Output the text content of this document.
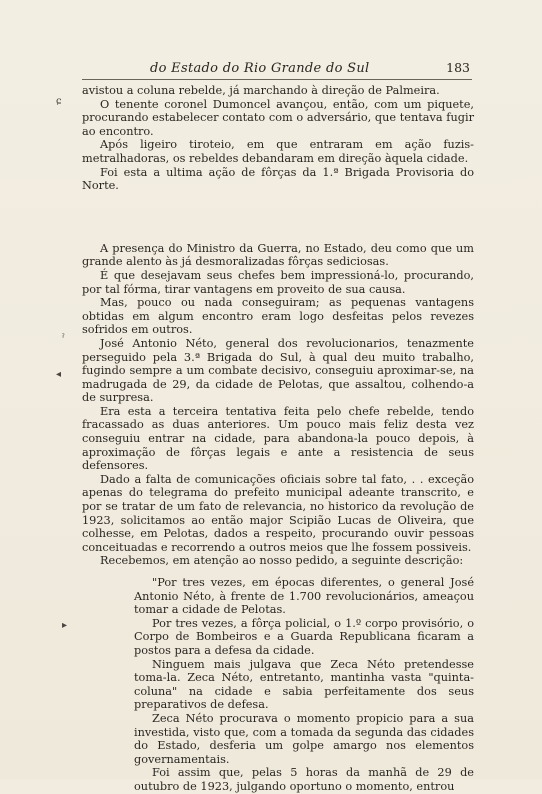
do Estado do Rio Grande do Sul	183
ɕ
ˀ
◂
▸

avistou a coluna rebelde, já marchando à direção de Palmeira.

O tenente coronel Dumoncel avançou, então, com um piquete, procurando estabelecer contato com o adversário, que tentava fugir ao encontro.

Após ligeiro tiroteio, em que entraram em ação fuzis-metralhadoras, os rebeldes debandaram em direção àquela cidade.

Foi esta a ultima ação de fôrças da 1.ª Brigada Provisoria do Norte.

A presença do Ministro da Guerra, no Estado, deu como que um grande alento às já desmoralizadas fôrças sediciosas.

É que desejavam seus chefes bem impressioná-lo, procurando, por tal fórma, tirar vantagens em proveito de sua causa.

Mas, pouco ou nada conseguiram; as pequenas vantagens obtidas em algum encontro eram logo desfeitas pelos revezes sofridos em outros.

José Antonio Néto, general dos revolucionarios, tenazmente perseguido pela 3.ª Brigada do Sul, à qual deu muito trabalho, fugindo sempre a um combate decisivo, conseguiu aproximar-se, na madrugada de 29, da cidade de Pelotas, que assaltou, colhendo-a de surpresa.

Era esta a terceira tentativa feita pelo chefe rebelde, tendo fracassado as duas anteriores. Um pouco mais feliz desta vez conseguiu entrar na cidade, para abandona-la pouco depois, à aproximação de fôrças legais e ante a resistencia de seus defensores.

Dado a falta de comunicações oficiais sobre tal fato, . . exceção apenas do telegrama do prefeito municipal adeante transcrito, e por se tratar de um fato de relevancia, no historico da revolução de 1923, solicitamos ao então major Scipião Lucas de Oliveira, que colhesse, em Pelotas, dados a respeito, procurando ouvir pessoas conceituadas e recorrendo a outros meios que lhe fossem possiveis.

Recebemos, em atenção ao nosso pedido, a seguinte descrição:

"Por tres vezes, em épocas diferentes, o general José Antonio Néto, à frente de 1.700 revolucionários, ameaçou tomar a cidade de Pelotas.

Por tres vezes, a fôrça policial, o 1.º corpo provisório, o Corpo de Bombeiros e a Guarda Republicana ficaram a postos para a defesa da cidade.

Ninguem mais julgava que Zeca Néto pretendesse toma-la. Zeca Néto, entretanto, mantinha vasta "quinta-coluna" na cidade e sabia perfeitamente dos seus preparativos de defesa.

Zeca Néto procurava o momento propicio para a sua investida, visto que, com a tomada da segunda das cidades do Estado, desferia um golpe amargo nos elementos governamentais.

Foi assim que, pelas 5 horas da manhã de 29 de outubro de 1923, julgando oportuno o momento, entrou
